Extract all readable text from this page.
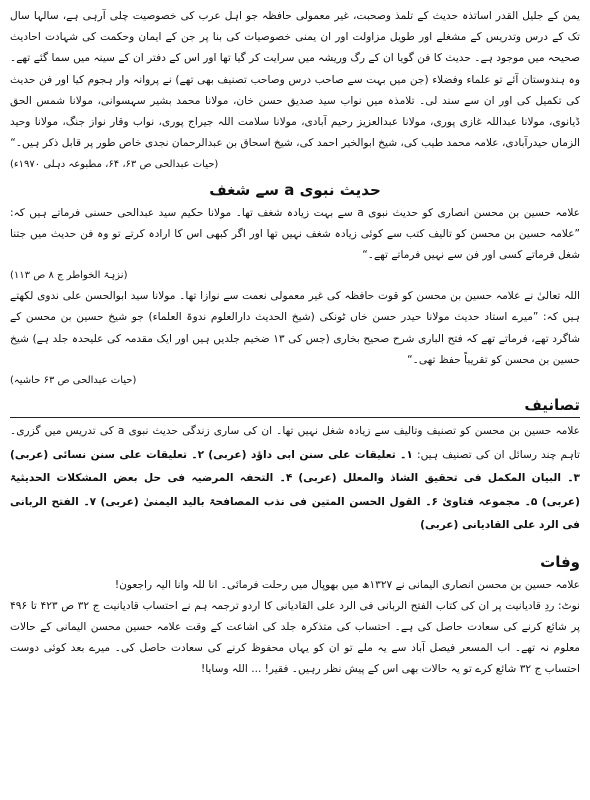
یمن کے جلیل القدر اساتذہ حدیث کے تلمذ وصحبت، غیر معمولی حافظہ جو اہل عرب کی خصوصیت چلی آرہی ہے، سالہا سال تک کے درس وتدریس کے مشغلے اور طویل مزاولت اور ان یمنی خصوصیات کی بنا پر جن کے ایمان وحکمت کی شہادت احادیث صحیحہ میں موجود ہے۔ حدیث کا فن گویا ان کے رگ وریشہ میں سرایت کر گیا تھا اور اس کے دفتر ان کے سینہ میں سما گئے تھے۔ وہ ہندوستان آئے تو علماء وفضلاء (جن میں بہت سے صاحب درس وصاحب تصنیف بھی تھے) نے پروانہ وار ہجوم کیا اور فن حدیث کی تکمیل کی اور ان سے سند لی۔ تلامذہ میں نواب سید صدیق حسن خان، مولانا محمد بشیر سہسوانی، مولانا شمس الحق ڈیانوی، مولانا عبداللہ غازی پوری، مولانا عبدالعزیز رحیم آبادی، مولانا سلامت اللہ جیراج پوری، نواب وقار نواز جنگ، مولانا وحید الزماں حیدرآبادی، علامہ محمد طیب کی، شیخ ابوالخیر احمد کی، شیخ اسحاق بن عبدالرحمان نجدی خاص طور پر قابل ذکر ہیں۔“
(حیات عبدالحی ص ۶۳، ۶۴، مطبوعہ دہلی ۱۹۷۰ء)

حدیث نبوی a سے شغف

علامہ حسین بن محسن انصاری کو حدیث نبوی a سے بہت زیادہ شغف تھا۔ مولانا حکیم سید عبدالحی حسنی فرماتے ہیں کہ: ”علامہ حسین بن محسن کو تالیف کتب سے کوئی زیادہ شغف نہیں تھا اور اگر کبھی اس کا ارادہ کرتے تو وہ فن حدیث میں جتنا شغل فرماتے کسی اور فن سے نہیں فرماتے تھے۔“

(نزہۃ الخواطر ج ۸ ص ۱۱۳)

اللہ تعالیٰ نے علامہ حسین بن محسن کو قوت حافظہ کی غیر معمولی نعمت سے نوازا تھا۔ مولانا سید ابوالحسن علی ندوی لکھتے ہیں کہ: ”میرے استاد حدیث مولانا حیدر حسن خاں ٹونکی (شیخ الحدیث دارالعلوم ندوۃ العلماء) جو شیخ حسین بن محسن کے شاگرد تھے، فرماتے تھے کہ فتح الباری شرح صحیح بخاری (جس کی ۱۳ ضخیم جلدیں ہیں اور ایک مقدمہ کی علیحدہ جلد ہے) شیخ حسین بن محسن کو تقریباً حفظ تھی۔“

(حیات عبدالحی ص ۶۳ حاشیہ)

تصانیف

علامہ حسین بن محسن کو تصنیف وتالیف سے زیادہ شغل نہیں تھا۔ ان کی ساری زندگی حدیث نبوی a کی تدریس میں گزری۔ تاہم چند رسائل ان کی تصنیف ہیں: ۱۔ تعلیقات علی سنن ابی داؤد (عربی) ۲۔ تعلیقات علی سنن نسائی (عربی) ۳۔ البیان المکمل فی تحقیق الشاذ والمعلل (عربی) ۴۔ التحفہ المرضیہ فی حل بعض المشکلات الحدیثیۃ (عربی) ۵۔ مجموعہ فتاویٰ ۶۔ القول الحسن المتین فی نذب المصافحۃ بالید الیمنیٰ (عربی) ۷۔ الفتح الربانی فی الرد علی القادیانی (عربی)

وفات

علامہ حسین بن محسن انصاری الیمانی نے ۱۳۲۷ھ میں بھوپال میں رحلت فرمائی۔ انا للہ وانا الیہ راجعون!

نوٹ: ردِ قادیانیت پر ان کی کتاب الفتح الربانی فی الرد علی القادیانی کا اردو ترجمہ ہم نے احتساب قادیانیت ج ۳۲ ص ۴۲۳ تا ۴۹۶ پر شائع کرنے کی سعادت حاصل کی ہے۔ احتساب کی متذکرہ جلد کی اشاعت کے وقت علامہ حسین محسن الیمانی کے حالات معلوم نہ تھے۔ اب المسعر فیصل آباد سے یہ ملے تو ان کو یہاں محفوظ کرنے کی سعادت حاصل کی۔ میرے بعد کوئی دوست احتساب ج ۳۲ شائع کرے تو یہ حالات بھی اس کے پیش نظر رہیں۔ فقیر! ... اللہ وسایا!
